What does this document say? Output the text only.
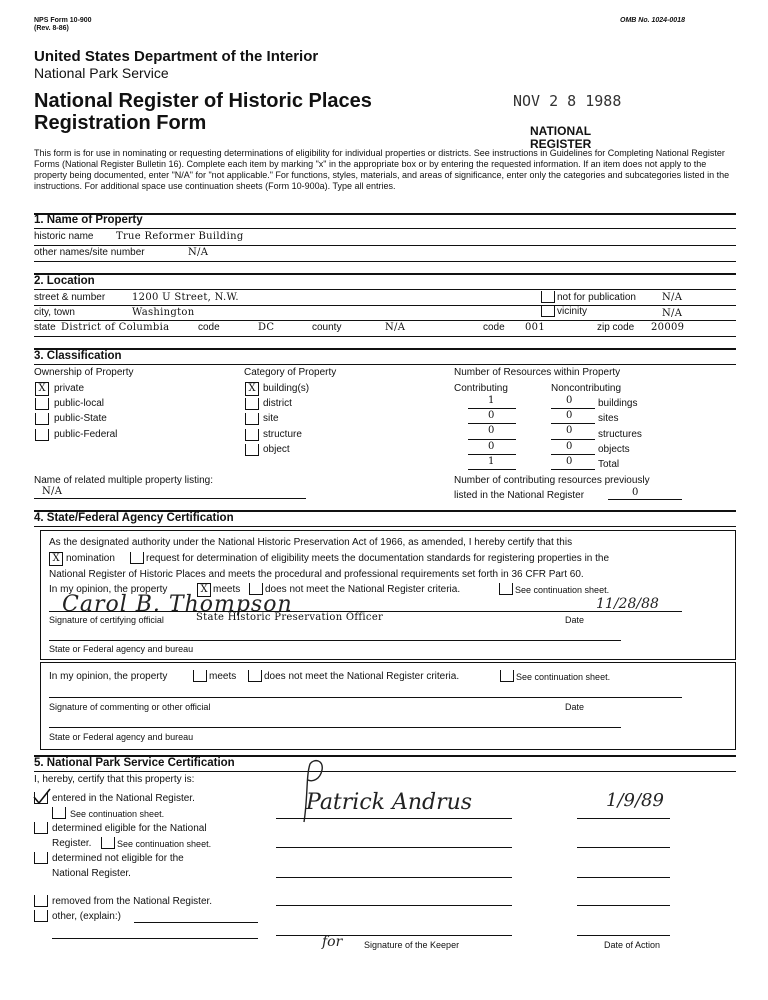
NPS Form 10-900
(Rev. 8-86)
OMB No. 1024-0018
United States Department of the Interior
National Park Service
National Register of Historic Places
Registration Form
NOV 2 8 1988
NATIONAL
REGISTER
This form is for use in nominating or requesting determinations of eligibility for individual properties or districts. See instructions in Guidelines for Completing National Register Forms (National Register Bulletin 16). Complete each item by marking "x" in the appropriate box or by entering the requested information. If an item does not apply to the property being documented, enter "N/A" for "not applicable." For functions, styles, materials, and areas of significance, enter only the categories and subcategories listed in the instructions. For additional space use continuation sheets (Form 10-900a). Type all entries.
1. Name of Property
historic name True Reformer Building
other names/site number	N/A
2. Location
street & number	1200 U Street, N.W.	not for publication	N/A
city, town	Washington	vicinity	N/A
state District of Columbia	code	DC	county	N/A	code 001	zip code 20009
3. Classification
Ownership of Property
X private
public-local
public-State
public-Federal
Category of Property
X building(s)
district
site
structure
object
Number of Resources within Property
Contributing	Noncontributing
1	0	buildings
0	0	sites
0	0	structures
0	0	objects
1	0	Total
Name of related multiple property listing:
N/A
Number of contributing resources previously
listed in the National Register	0
4. State/Federal Agency Certification
As the designated authority under the National Historic Preservation Act of 1966, as amended, I hereby certify that this
X nomination	request for determination of eligibility meets the documentation standards for registering properties in the
National Register of Historic Places and meets the procedural and professional requirements set forth in 36 CFR Part 60.
In my opinion, the property	X meets does not meet the National Register criteria.	See continuation sheet.
Carol B. Thompson	11/28/88
Signature of certifying official	State Historic Preservation Officer	Date
State or Federal agency and bureau
In my opinion, the property	meets	does not meet the National Register criteria.	See continuation sheet.
Signature of commenting or other official	Date
State or Federal agency and bureau
5. National Park Service Certification
I, hereby, certify that this property is:
entered in the National Register.
See continuation sheet.
determined eligible for the National
Register.	See continuation sheet.
determined not eligible for the
National Register.
removed from the National Register.
other, (explain:)
Patrick Andrus	1/9/89
for Signature of the Keeper	Date of Action
